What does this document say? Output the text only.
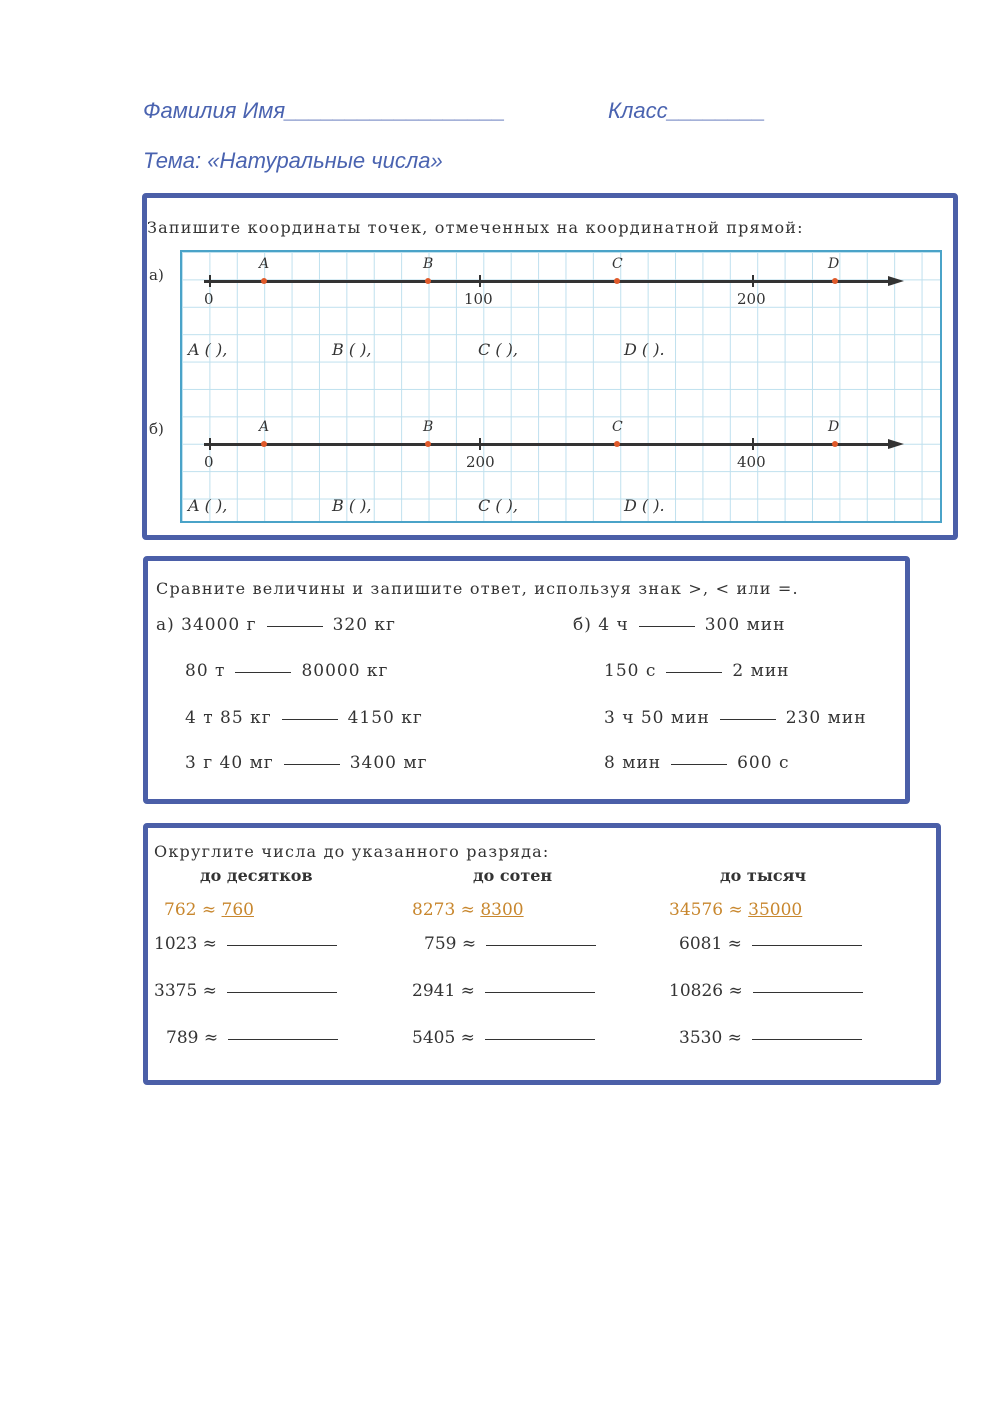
Фамилия Имя__________________	Класс________
Тема: «Натуральные числа»
Запишите координаты точек, отмеченных на координатной прямой:
а)
б)
0	100	200
A	B	C	D
A ( ),	B ( ),	C ( ),	D ( ).
0	200	400
A	B	C	D
A ( ),	B ( ),	C ( ),	D ( ).
Сравните величины и запишите ответ, используя знак >, < или =.
а) 34000 г	320 кг
80 т	80000 кг
4 т 85 кг	4150 кг
3 г 40 мг	3400 мг
б) 4 ч	300 мин
150 с	2 мин
3 ч 50 мин	230 мин
8 мин	600 с
Округлите числа до указанного разряда:
до десятков	до сотен	до тысяч
762 ≈ 760	8273 ≈ 8300	34576 ≈ 35000
1023 ≈	759 ≈	6081 ≈
3375 ≈	2941 ≈	10826 ≈
789 ≈	5405 ≈	3530 ≈
